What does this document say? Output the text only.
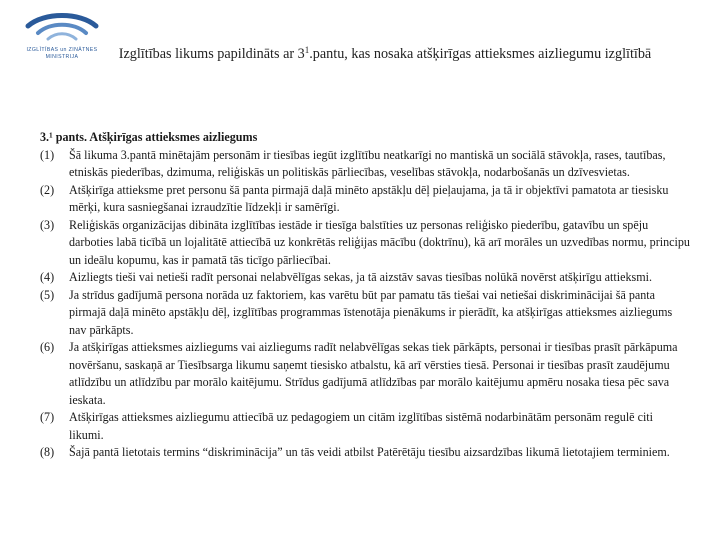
IZGLĪTĪBAS un ZINĀTNES
MINISTRIJA	Izglītības likums papildināts ar $3^1.pantu$, kas nosaka atšķirīgas attieksmes aizliegumu izglītībā

3.¹ pants. Atšķirīgas attieksmes aizliegums

(1) Šā likuma 3.pantā minētajām personām ir tiesības iegūt izglītību neatkarīgi no mantiskā un sociālā stāvokļa, rases, tautības, etniskās piederības, dzimuma, reliģiskās un politiskās pārliecības, veselības stāvokļa, nodarbošanās un dzīvesvietas.

(2) Atšķirīga attieksme pret personu šā panta pirmajā daļā minēto apstākļu dēļ pieļaujama, ja tā ir objektīvi pamatota ar tiesisku mērķi, kura sasniegšanai izraudzītie līdzekļi ir samērīgi.

(3) Reliģiskās organizācijas dibināta izglītības iestāde ir tiesīga balstīties uz personas reliģisko piederību, gatavību un spēju darboties labā ticībā un lojalitātē attiecībā uz konkrētās reliģijas mācību (doktrīnu), kā arī morāles un uzvedības normu, principu un ideālu kopumu, kas ir pamatā tās ticīgo pārliecībai.

(4) Aizliegts tieši vai netieši radīt personai nelabvēlīgas sekas, ja tā aizstāv savas tiesības nolūkā novērst atšķirīgu attieksmi.

(5) Ja strīdus gadījumā persona norāda uz faktoriem, kas varētu būt par pamatu tās tiešai vai netiešai diskriminācijai šā panta pirmajā daļā minēto apstākļu dēļ, izglītības programmas īstenotāja pienākums ir pierādīt, ka atšķirīgas attieksmes aizliegums nav pārkāpts.

(6) Ja atšķirīgas attieksmes aizliegums vai aizliegums radīt nelabvēlīgas sekas tiek pārkāpts, personai ir tiesības prasīt pārkāpuma novēršanu, saskaņā ar Tiesībsarga likumu saņemt tiesisko atbalstu, kā arī vērsties tiesā. Personai ir tiesības prasīt zaudējumu atlīdzību un atlīdzību par morālo kaitējumu. Strīdus gadījumā atlīdzības par morālo kaitējumu apmēru nosaka tiesa pēc sava ieskata.

(7) Atšķirīgas attieksmes aizliegumu attiecībā uz pedagogiem un citām izglītības sistēmā nodarbinātām personām regulē citi likumi.

(8) Šajā pantā lietotais termins “diskriminācija” un tās veidi atbilst Patērētāju tiesību aizsardzības likumā lietotajiem terminiem.
